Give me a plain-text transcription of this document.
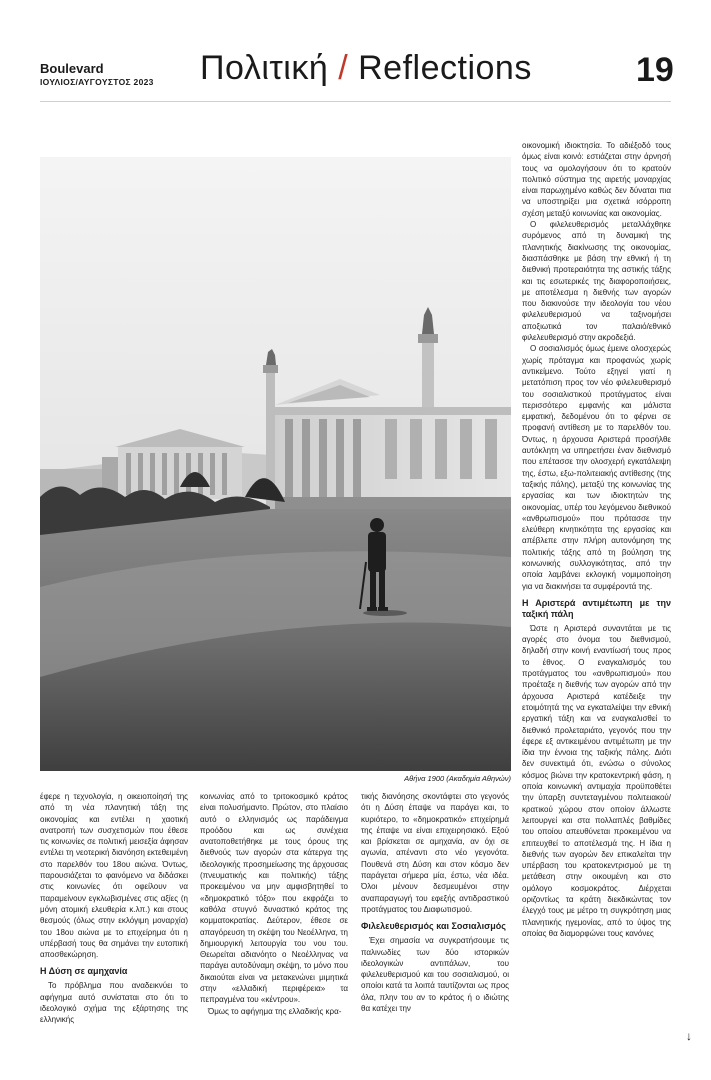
Boulevard
ΙΟΥΛΙΟΣ/ΑΥΓΟΥΣΤΟΣ 2023 Πολιτική / Reflections	19
Αθήνα 1900 (Ακαδημία Αθηνών)

έφερε η τεχνολογία, η οικειοποίησή της από τη νέα πλανητική τάξη της οικονομίας και εντέλει η χαοτική ανατροπή των συσχετισμών που έθεσε τις κοινωνίες σε πολιτική μεισεξία άφησαν εντέλει τη νεοτερική διανόηση εκτεθειμένη στο παρελθόν του 18ου αιώνα. Όντως, παρουσιάζεται το φαινόμενο να διδάσκει στις κοινωνίες ότι οφείλουν να παραμείνουν εγκλωβισμένες στις αξίες (η μόνη ατομική ελευθερία κ.λπ.) και στους θεσμούς (όλως στην εκλόγιμη μοναρχία) του 18ου αιώνα με το επιχείρημα ότι η υπέρβασή τους θα σημάνει την ευτοπική αποσθεκώρηση.

Η Δύση σε αμηχανία

Το πρόβλημα που αναδεικνύει το αφήγημα αυτό συνίσταται στο ότι το ιδεολογικό σχήμα της εξάρτησης της ελληνικής

κοινωνίας από το τριτοκοσμικό κράτος είναι πολυσήμαντο. Πρώτον, στο πλαίσιο αυτό ο ελληνισμός ως παράδειγμα προόδου και ως συνέχεια ανατοποθετήθηκε με τους όρους της διεθνούς των αγορών στα κάτεργα της ιδεολογικής προσημείωσης της άρχουσας (πνευματικής και πολιτικής) τάξης προκειμένου να μην αμφισβητηθεί το «δημοκρατικό τόξο» που εκφράζει το καθόλα στυγνό δυναστικό κράτος της κομματοκρατίας. Δεύτερον, έθεσε σε απαγόρευση τη σκέψη του Νεοέλληνα, τη δημιουργική λειτουργία του νου του. Θεωρείται αδιανόητο ο Νεοέλληνας να παράγει αυτοδύναμη σκέψη, το μόνο που δικαιούται είναι να μετακενώνει μιμητικά στην «ελλαδική περιφέρεια» τα πεπραγμένα του «κέντρου».

Όμως το αφήγημα της ελλαδικής κρα-

τικής διανόησης σκοντάφτει στο γεγονός ότι η Δύση έπαψε να παράγει και, το κυριότερο, το «δημοκρατικό» επιχείρημά της έπαψε να είναι επιχειρησιακό. Εξού και βρίσκεται σε αμηχανία, αν όχι σε αγωνία, απέναντι στο νέο γεγονότα. Πουθενά στη Δύση και στον κόσμο δεν παράγεται σήμερα μία, έστω, νέα ιδέα. Όλοι μένουν δεσμευμένοι στην αναπαραγωγή του εφεξής αντιδραστικού προτάγματος του Διαφωτισμού.

Φιλελευθερισμός και Σοσιαλισμός

Έχει σημασία να συγκρατήσουμε τις παλινωδίες των δύο ιστορικών ιδεολογικών αντιπάλων, του φιλελευθερισμού και του σοσιαλισμού, οι οποίοι κατά τα λοιπά ταυτίζονται ως προς όλα, πλην του αν το κράτος ή ο ιδιώτης θα κατέχει την

οικονομική ιδιοκτησία. Το αδιέξοδό τους όμως είναι κοινό: εστιάζεται στην άρνησή τους να ομολογήσουν ότι το κρατούν πολιτικό σύστημα της αιρετής μοναρχίας είναι παρωχημένο καθώς δεν δύναται πια να υποστηρίξει μια σχετικά ισόρροπη σχέση μεταξύ κοινωνίας και οικονομίας.

Ο φιλελευθερισμός μεταλλάχθηκε συρόμενος από τη δυναμική της πλανητικής διακίνωσης της οικονομίας, διασπάσθηκε με βάση την εθνική ή τη διεθνική προτεραιότητα της αστικής τάξης και τις εσωτερικές της διαφοροποιήσεις, με αποτέλεσμα η διεθνής των αγορών που διακινούσε την ιδεολογία του νέου φιλελευθερισμού να ταξινομήσει αποξιωτικά τον παλαιό/εθνικό φιλελευθερισμό στην ακροδεξιά.

Ο σοσιαλισμός όμως έμεινε ολοσχερώς χωρίς πρόταγμα και προφανώς χωρίς αντικείμενο. Τούτο εξηγεί γιατί η μετατόπιση προς τον νέο φιλελευθερισμό του σοσιαλιστικού προτάγματος είναι περισσότερο εμφανής και μάλιστα εμφατική, δεδομένου ότι το φέρνει σε προφανή αντίθεση με το παρελθόν του. Όντως, η άρχουσα Αριστερά προσήλθε αυτόκλητη να υπηρετήσει έναν διεθνισμό που επέτασσε την ολοσχερή εγκατάλειψη της, έστω, εξω-πολιτειακής αντίθεσης (της ταξικής πάλης), μεταξύ της κοινωνίας της εργασίας και των ιδιοκτητών της οικονομίας, υπέρ του λεγόμενου διεθνικού «ανθρωπισμού» που πρότασσε την ελεύθερη κινητικότητα της εργασίας και απέβλεπε στην πλήρη αυτονόμηση της πολιτικής τάξης από τη βούληση της κοινωνικής συλλογικότητας, από την οποία λαμβάνει εκλογική νομιμοποίηση για να διακινήσει τα συμφέροντά της.

Η Αριστερά αντιμέτωπη με την ταξική πάλη

Ώστε η Αριστερά συναντάται με τις αγορές στο όνομα του διεθνισμού, δηλαδή στην κοινή εναντίωσή τους προς το έθνος. Ο εναγκαλισμός του προτάγματος του «ανθρωπισμού» που προέταξε η διεθνής των αγορών από την άρχουσα Αριστερά κατέδειξε την ετοιμότητά της να εγκαταλείψει την εθνική εργατική τάξη και να εναγκαλισθεί το διεθνικό προλεταριάτο, γεγονός που την έφερε εξ αντικειμένου αντιμέτωπη με την ίδια την έννοια της ταξικής πάλης. Διότι δεν συνεκτιμά ότι, ενώσω ο σύνολος κόσμος βιώνει την κρατοκεντρική φάση, η οποία κοινωνική αντιμαχία προϋποθέτει την ύπαρξη συντεταγμένου πολιτειακού/κρατικού χώρου στον οποίον άλλωστε λειτουργεί και στα πολλαπλές βαθμίδες του οποίου απευθύνεται προκειμένου να επιτευχθεί το αποτέλεσμά της. Η ίδια η διεθνής των αγορών δεν επικαλείται την υπέρβαση του κρατοκεντρισμού με τη μετάθεση στην οικουμένη και στο ομόλογο κοσμοκράτος. Διέρχεται οριζοντίως τα κράτη διεκδικώντας τον έλεγχό τους με μέτρο τη συγκρότηση μιας πλανητικής ηγεμονίας, από το ύψος της οποίας θα διαμορφώνει τους κανόνες

↓
